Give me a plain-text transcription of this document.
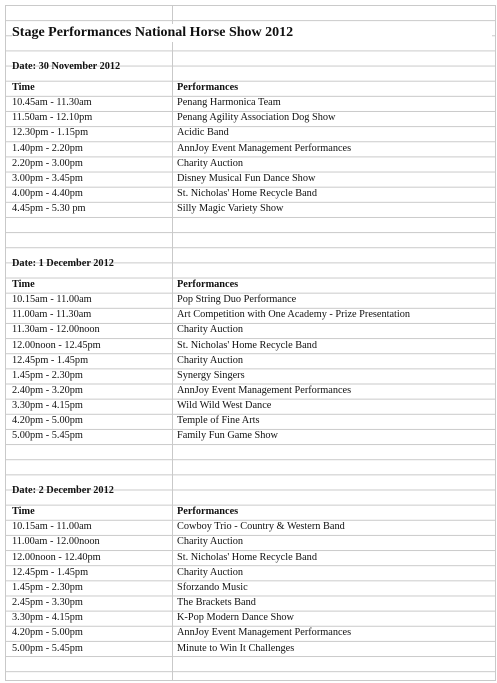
Stage Performances National Horse Show 2012
Date: 30 November 2012
Time	Performances
10.45am - 11.30am	Penang Harmonica Team
11.50am - 12.10pm	Penang Agility Association Dog Show
12.30pm - 1.15pm	Acidic Band
1.40pm - 2.20pm	AnnJoy Event Management Performances
2.20pm - 3.00pm	Charity Auction
3.00pm - 3.45pm	Disney Musical Fun Dance Show
4.00pm - 4.40pm	St. Nicholas' Home Recycle Band
4.45pm - 5.30 pm	Silly Magic Variety Show
Date: 1 December 2012
Time	Performances
10.15am - 11.00am	Pop String Duo Performance
11.00am - 11.30am	Art Competition with One Academy - Prize Presentation
11.30am - 12.00noon	Charity Auction
12.00noon - 12.45pm	St. Nicholas' Home Recycle Band
12.45pm - 1.45pm	Charity Auction
1.45pm - 2.30pm	Synergy Singers
2.40pm - 3.20pm	AnnJoy Event Management Performances
3.30pm - 4.15pm	Wild Wild West Dance
4.20pm - 5.00pm	Temple of Fine Arts
5.00pm - 5.45pm	Family Fun Game Show
Date: 2 December 2012
Time	Performances
10.15am - 11.00am	Cowboy Trio - Country & Western Band
11.00am - 12.00noon	Charity Auction
12.00noon - 12.40pm	St. Nicholas' Home Recycle Band
12.45pm - 1.45pm	Charity Auction
1.45pm - 2.30pm	Sforzando Music
2.45pm - 3.30pm	The Brackets Band
3.30pm - 4.15pm	K-Pop Modern Dance Show
4.20pm - 5.00pm	AnnJoy Event Management Performances
5.00pm - 5.45pm	Minute to Win It Challenges
